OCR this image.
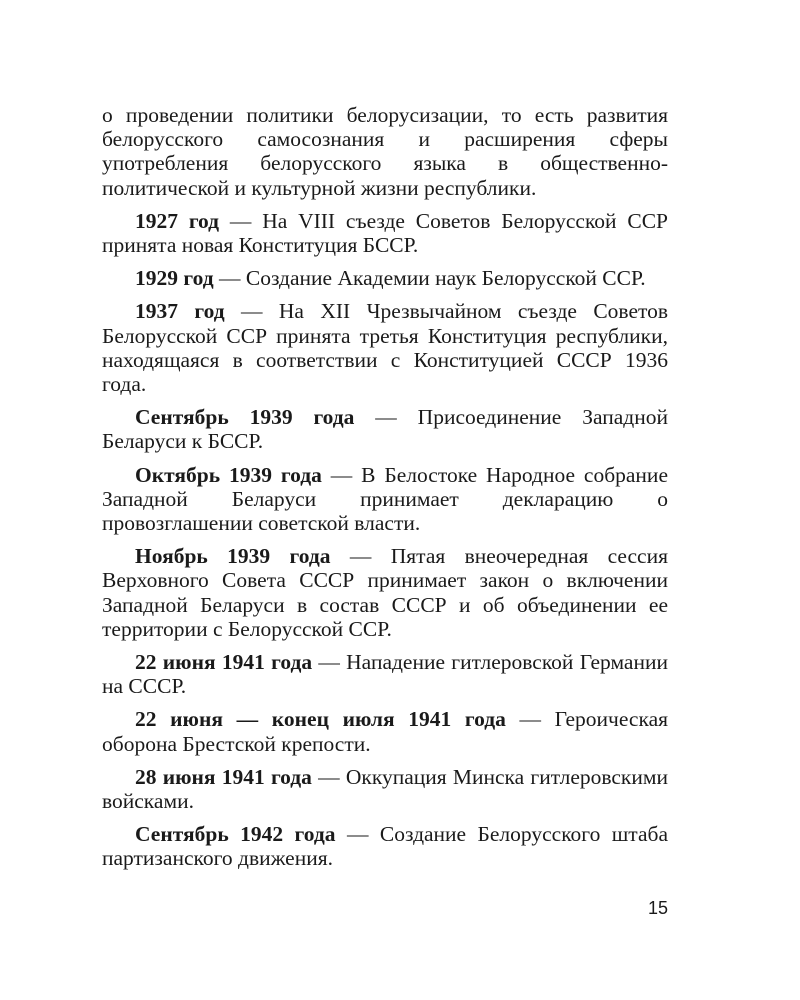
о проведении политики белорусизации, то есть развития белорусского самосознания и расширения сферы употребления белорусского языка в общественно-политической и культурной жизни республики.

1927 год — На VIII съезде Советов Белорусской ССР принята новая Конституция БССР.

1929 год — Создание Академии наук Белорусской ССР.

1937 год — На XII Чрезвычайном съезде Советов Белорусской ССР принята третья Конституция республики, находящаяся в соответствии с Конституцией СССР 1936 года.

Сентябрь 1939 года — Присоединение Западной Беларуси к БССР.

Октябрь 1939 года — В Белостоке Народное собрание Западной Беларуси принимает декларацию о провозглашении советской власти.

Ноябрь 1939 года — Пятая внеочередная сессия Верховного Совета СССР принимает закон о включении Западной Беларуси в состав СССР и об объединении ее территории с Белорусской ССР.

22 июня 1941 года — Нападение гитлеровской Германии на СССР.

22 июня — конец июля 1941 года — Героическая оборона Брестской крепости.

28 июня 1941 года — Оккупация Минска гитлеровскими войсками.

Сентябрь 1942 года — Создание Белорусского штаба партизанского движения.

15
